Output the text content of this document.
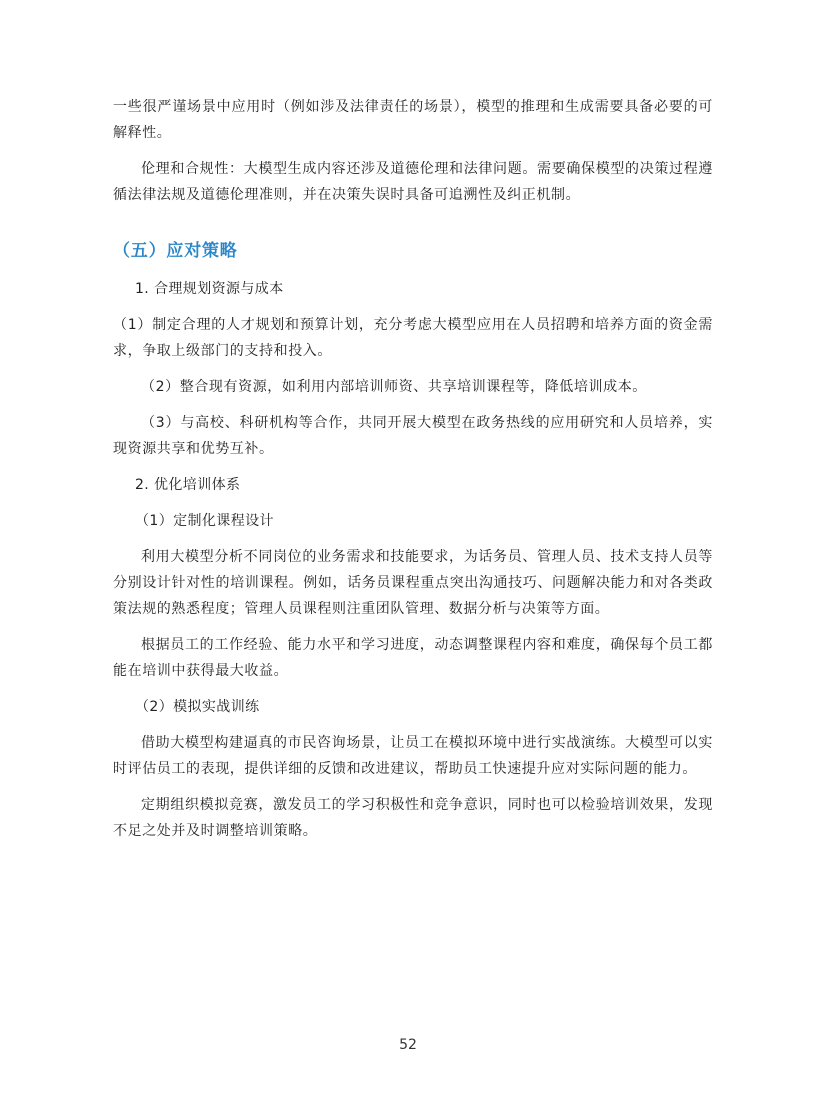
一些很严谨场景中应用时（例如涉及法律责任的场景），模型的推理和生成需要具备必要的可解释性。

伦理和合规性：大模型生成内容还涉及道德伦理和法律问题。需要确保模型的决策过程遵循法律法规及道德伦理准则，并在决策失误时具备可追溯性及纠正机制。

（五）应对策略

1. 合理规划资源与成本

（1）制定合理的人才规划和预算计划，充分考虑大模型应用在人员招聘和培养方面的资金需求，争取上级部门的支持和投入。

（2）整合现有资源，如利用内部培训师资、共享培训课程等，降低培训成本。

（3）与高校、科研机构等合作，共同开展大模型在政务热线的应用研究和人员培养，实现资源共享和优势互补。

2. 优化培训体系

（1）定制化课程设计

利用大模型分析不同岗位的业务需求和技能要求，为话务员、管理人员、技术支持人员等分别设计针对性的培训课程。例如，话务员课程重点突出沟通技巧、问题解决能力和对各类政策法规的熟悉程度；管理人员课程则注重团队管理、数据分析与决策等方面。

根据员工的工作经验、能力水平和学习进度，动态调整课程内容和难度，确保每个员工都能在培训中获得最大收益。

（2）模拟实战训练

借助大模型构建逼真的市民咨询场景，让员工在模拟环境中进行实战演练。大模型可以实时评估员工的表现，提供详细的反馈和改进建议，帮助员工快速提升应对实际问题的能力。

定期组织模拟竞赛，激发员工的学习积极性和竞争意识，同时也可以检验培训效果，发现不足之处并及时调整培训策略。

52
